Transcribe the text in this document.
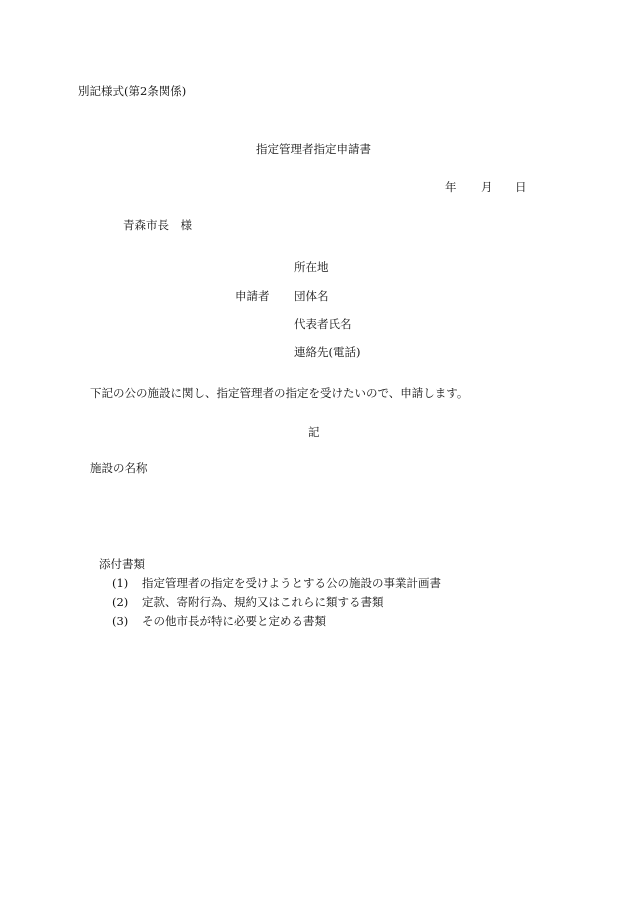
別記様式(第2条関係)
指定管理者指定申請書
年 月 日
青森市長　様
所在地
申請者 団体名
代表者氏名
連絡先(電話)
下記の公の施設に関し、指定管理者の指定を受けたいので、申請します。
記
施設の名称
添付書類
(1) 指定管理者の指定を受けようとする公の施設の事業計画書
(2) 定款、寄附行為、規約又はこれらに類する書類
(3) その他市長が特に必要と定める書類
